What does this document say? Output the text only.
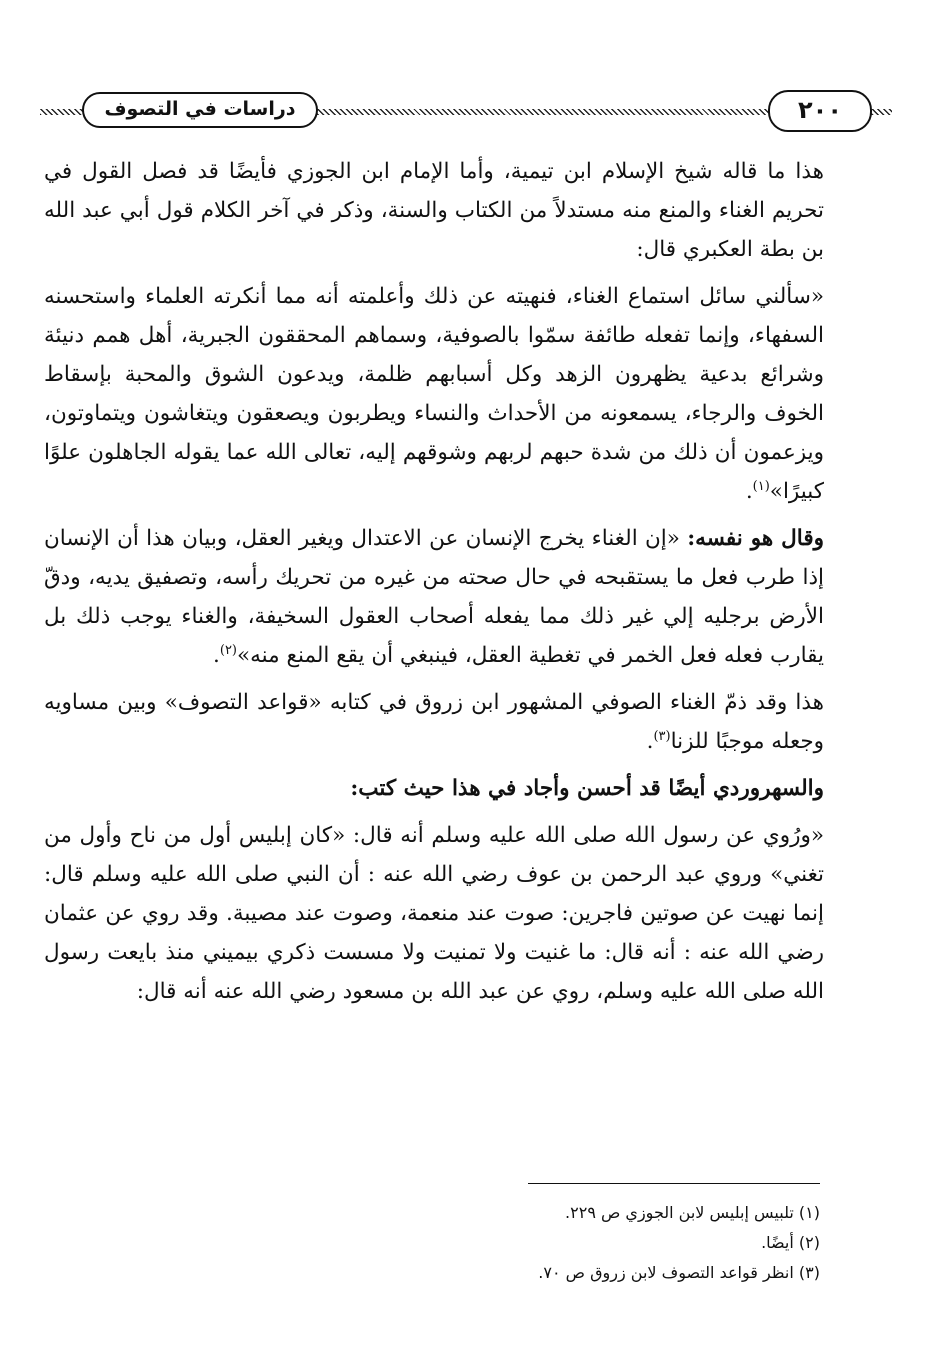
٢٠٠
دراسات في التصوف

هذا ما قاله شيخ الإسلام ابن تيمية، وأما الإمام ابن الجوزي فأيضًا قد فصل القول في تحريم الغناء والمنع منه مستدلاً من الكتاب والسنة، وذكر في آخر الكلام قول أبي عبد الله بن بطة العكبري قال:

«سألني سائل استماع الغناء، فنهيته عن ذلك وأعلمته أنه مما أنكرته العلماء واستحسنه السفهاء، وإنما تفعله طائفة سمّوا بالصوفية، وسماهم المحققون الجبرية، أهل همم دنيئة وشرائع بدعية يظهرون الزهد وكل أسبابهم ظلمة، ويدعون الشوق والمحبة بإسقاط الخوف والرجاء، يسمعونه من الأحداث والنساء ويطربون ويصعقون ويتغاشون ويتماوتون، ويزعمون أن ذلك من شدة حبهم لربهم وشوقهم إليه، تعالى الله عما يقوله الجاهلون علوًا كبيرًا»$^{(١)}$.

وقال هو نفسه: «إن الغناء يخرج الإنسان عن الاعتدال ويغير العقل، وبيان هذا أن الإنسان إذا طرب فعل ما يستقبحه في حال صحته من غيره من تحريك رأسه، وتصفيق يديه، ودقّ الأرض برجليه إلي غير ذلك مما يفعله أصحاب العقول السخيفة، والغناء يوجب ذلك بل يقارب فعله فعل الخمر في تغطية العقل، فينبغي أن يقع المنع منه»$^{(٢)}$.

هذا وقد ذمّ الغناء الصوفي المشهور ابن زروق في كتابه «قواعد التصوف» وبين مساويه وجعله موجبًا للزنا$^{(٣)}$.

والسهروردي أيضًا قد أحسن وأجاد في هذا حيث كتب:

«ورُوي عن رسول الله صلى الله عليه وسلم أنه قال: «كان إبليس أول من ناح وأول من تغني» وروي عبد الرحمن بن عوف رضي الله عنه : أن النبي صلى الله عليه وسلم قال: إنما نهيت عن صوتين فاجرين: صوت عند منعمة، وصوت عند مصيبة. وقد روي عن عثمان رضي الله عنه : أنه قال: ما غنيت ولا تمنيت ولا مسست ذكري بيميني منذ بايعت رسول الله صلى الله عليه وسلم، روي عن عبد الله بن مسعود رضي الله عنه أنه قال:

(١) تلبيس إبليس لابن الجوزي ص ٢٢٩.
(٢) أيضًا.
(٣) انظر قواعد التصوف لابن زروق ص ٧٠.
